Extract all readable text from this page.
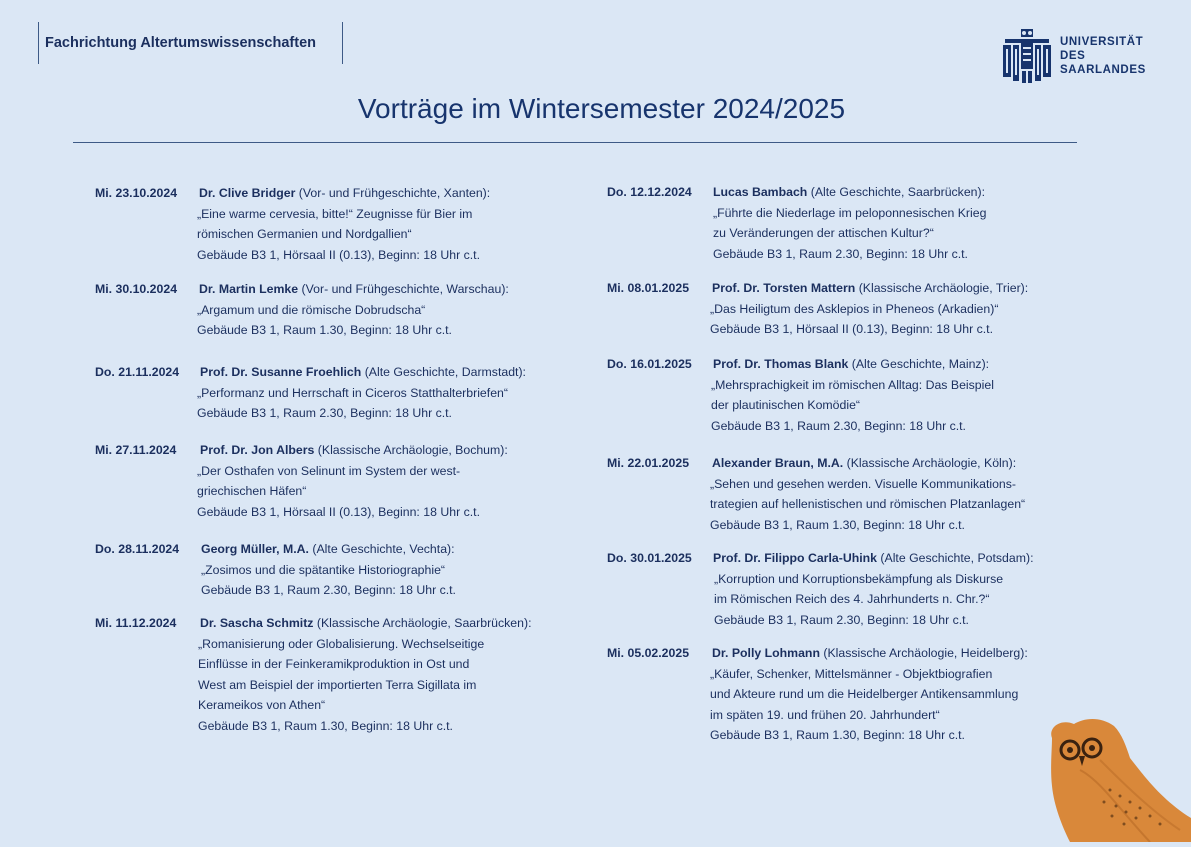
Fachrichtung Altertumswissenschaften	UNIVERSITÄT
DES
SAARLANDES
Vorträge im Wintersemester 2024/2025
Mi. 23.10.2024 Dr. Clive Bridger (Vor- und Frühgeschichte, Xanten):
„Eine warme cervesia, bitte!“ Zeugnisse für Bier im
römischen Germanien und Nordgallien“
Gebäude B3 1, Hörsaal II (0.13), Beginn: 18 Uhr c.t.
Mi. 30.10.2024 Dr. Martin Lemke (Vor- und Frühgeschichte, Warschau):
„Argamum und die römische Dobrudscha“
Gebäude B3 1, Raum 1.30, Beginn: 18 Uhr c.t.
Do. 21.11.2024 Prof. Dr. Susanne Froehlich (Alte Geschichte, Darmstadt):
„Performanz und Herrschaft in Ciceros Statthalterbriefen“
Gebäude B3 1, Raum 2.30, Beginn: 18 Uhr c.t.
Mi. 27.11.2024 Prof. Dr. Jon Albers (Klassische Archäologie, Bochum):
„Der Osthafen von Selinunt im System der west-
griechischen Häfen“
Gebäude B3 1, Hörsaal II (0.13), Beginn: 18 Uhr c.t.
Do. 28.11.2024 Georg Müller, M.A. (Alte Geschichte, Vechta):
„Zosimos und die spätantike Historiographie“
Gebäude B3 1, Raum 2.30, Beginn: 18 Uhr c.t.
Mi. 11.12.2024 Dr. Sascha Schmitz (Klassische Archäologie, Saarbrücken):
„Romanisierung oder Globalisierung. Wechselseitige
Einflüsse in der Feinkeramikproduktion in Ost und
West am Beispiel der importierten Terra Sigillata im
Kerameikos von Athen“
Gebäude B3 1, Raum 1.30, Beginn: 18 Uhr c.t.
Do. 12.12.2024 Lucas Bambach (Alte Geschichte, Saarbrücken):
„Führte die Niederlage im peloponnesischen Krieg
zu Veränderungen der attischen Kultur?“
Gebäude B3 1, Raum 2.30, Beginn: 18 Uhr c.t.
Mi. 08.01.2025 Prof. Dr. Torsten Mattern (Klassische Archäologie, Trier):
„Das Heiligtum des Asklepios in Pheneos (Arkadien)“
Gebäude B3 1, Hörsaal II (0.13), Beginn: 18 Uhr c.t.
Do. 16.01.2025 Prof. Dr. Thomas Blank (Alte Geschichte, Mainz):
„Mehrsprachigkeit im römischen Alltag: Das Beispiel
der plautinischen Komödie“
Gebäude B3 1, Raum 2.30, Beginn: 18 Uhr c.t.
Mi. 22.01.2025 Alexander Braun, M.A. (Klassische Archäologie, Köln):
„Sehen und gesehen werden. Visuelle Kommunikations-
trategien auf hellenistischen und römischen Platzanlagen“
Gebäude B3 1, Raum 1.30, Beginn: 18 Uhr c.t.
Do. 30.01.2025 Prof. Dr. Filippo Carla-Uhink (Alte Geschichte, Potsdam):
„Korruption und Korruptionsbekämpfung als Diskurse
im Römischen Reich des 4. Jahrhunderts n. Chr.?“
Gebäude B3 1, Raum 2.30, Beginn: 18 Uhr c.t.
Mi. 05.02.2025 Dr. Polly Lohmann (Klassische Archäologie, Heidelberg):
„Käufer, Schenker, Mittelsmänner - Objektbiografien
und Akteure rund um die Heidelberger Antikensammlung
im späten 19. und frühen 20. Jahrhundert“
Gebäude B3 1, Raum 1.30, Beginn: 18 Uhr c.t.
